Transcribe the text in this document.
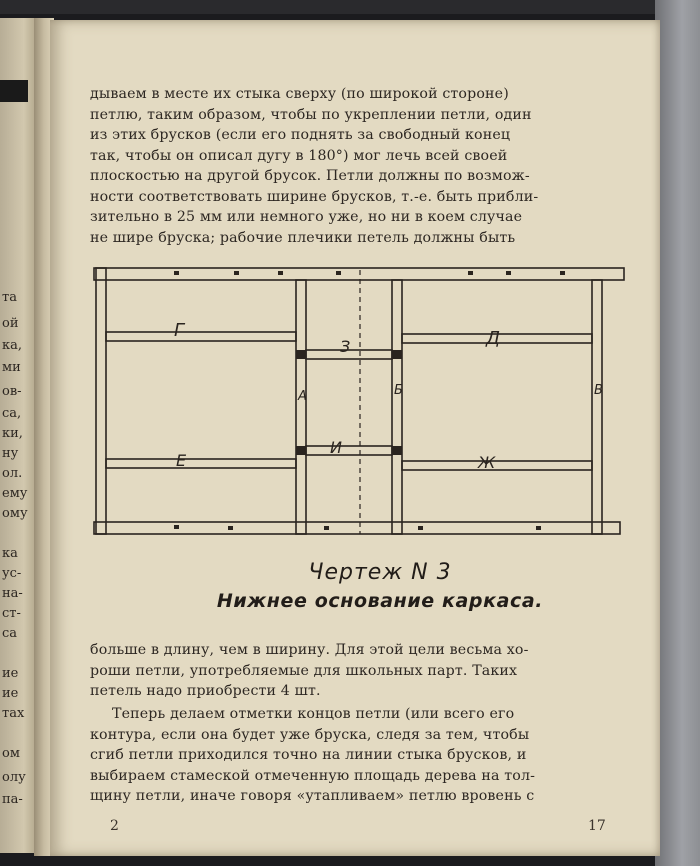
та
ой
ка,
ми
ов-
са,
ки,
ну
ол.
ему
ому
ка
ус-
на-
ст-
са
ие
ие
тах
ом
олу
па-
дываем в месте их стыка сверху (по широкой стороне)
петлю, таким образом, чтобы по укреплении петли, один
из этих брусков (если его поднять за свободный конец
так, чтобы он описал дугу в 180°) мог лечь всей своей
плоскостью на другой брусок. Петли должны по возмож-
ности соответствовать ширине брусков, т.-е. быть прибли-
зительно в 25 мм или немного уже, но ни в коем случае
не шире бруска; рабочие плечики петель должны быть
Г
З	Д
А	Б	В
Е
И
Ж
Чертеж N 3
Нижнее основание каркаса.
больше в длину, чем в ширину. Для этой цели весьма хо-
роши петли, употребляемые для школьных парт. Таких
петель надо приобрести 4 шт.
Теперь делаем отметки концов петли (или всего его
контура, если она будет уже бруска, следя за тем, чтобы
сгиб петли приходился точно на линии стыка брусков, и
выбираем стамеской отмеченную площадь дерева на тол-
щину петли, иначе говоря «утапливаем» петлю вровень с
2	17
